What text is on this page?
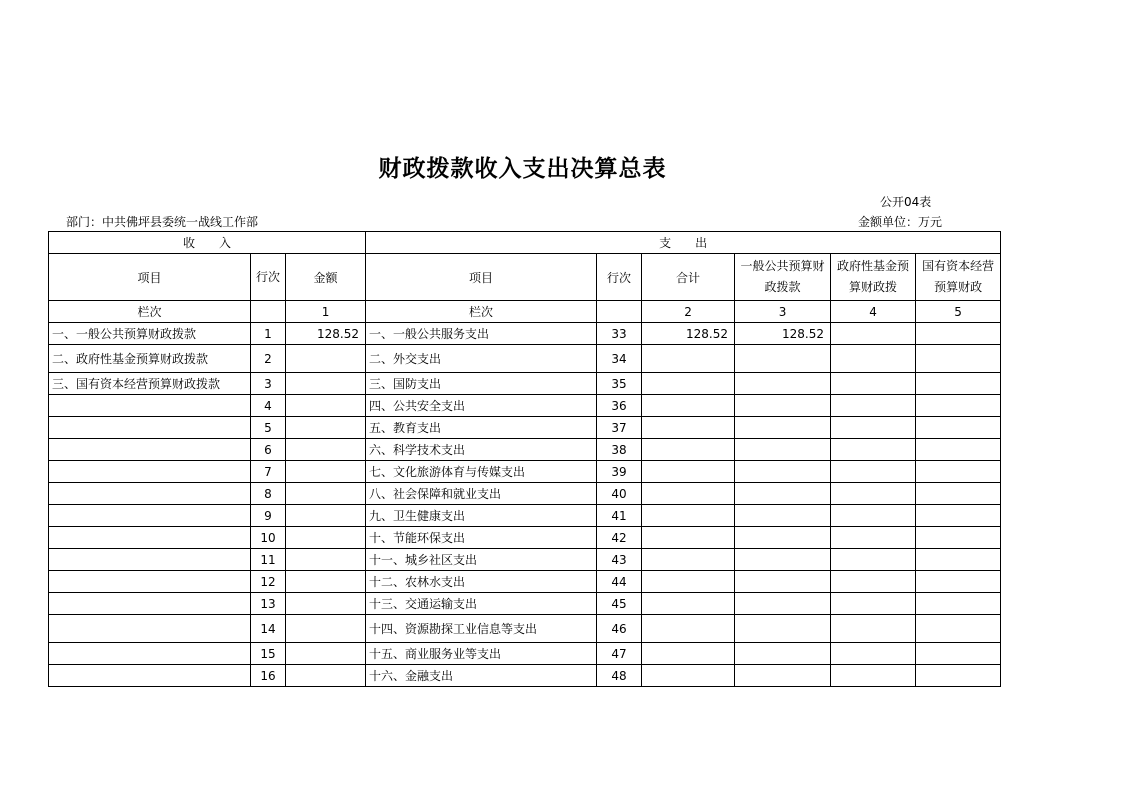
财政拨款收入支出决算总表
公开04表
部门：中共佛坪县委统一战线工作部	金额单位：万元
收　　入			支　　出					
项目	行次	金额	项目	行次	合计	一般公共预算财政拨款	政府性基金预算财政拨	国有资本经营预算财政
栏次		1	栏次		2	3	4	5
一、一般公共预算财政拨款	1	128.52	一、一般公共服务支出	33	128.52	128.52		
二、政府性基金预算财政拨款	2		二、外交支出	34				
三、国有资本经营预算财政拨款	3		三、国防支出	35				
	4		四、公共安全支出	36				
	5		五、教育支出	37				
	6		六、科学技术支出	38				
	7		七、文化旅游体育与传媒支出	39				
	8		八、社会保障和就业支出	40				
	9		九、卫生健康支出	41				
	10		十、节能环保支出	42				
	11		十一、城乡社区支出	43				
	12		十二、农林水支出	44				
	13		十三、交通运输支出	45				
	14		十四、资源勘探工业信息等支出	46				
	15		十五、商业服务业等支出	47				
	16		十六、金融支出	48				
